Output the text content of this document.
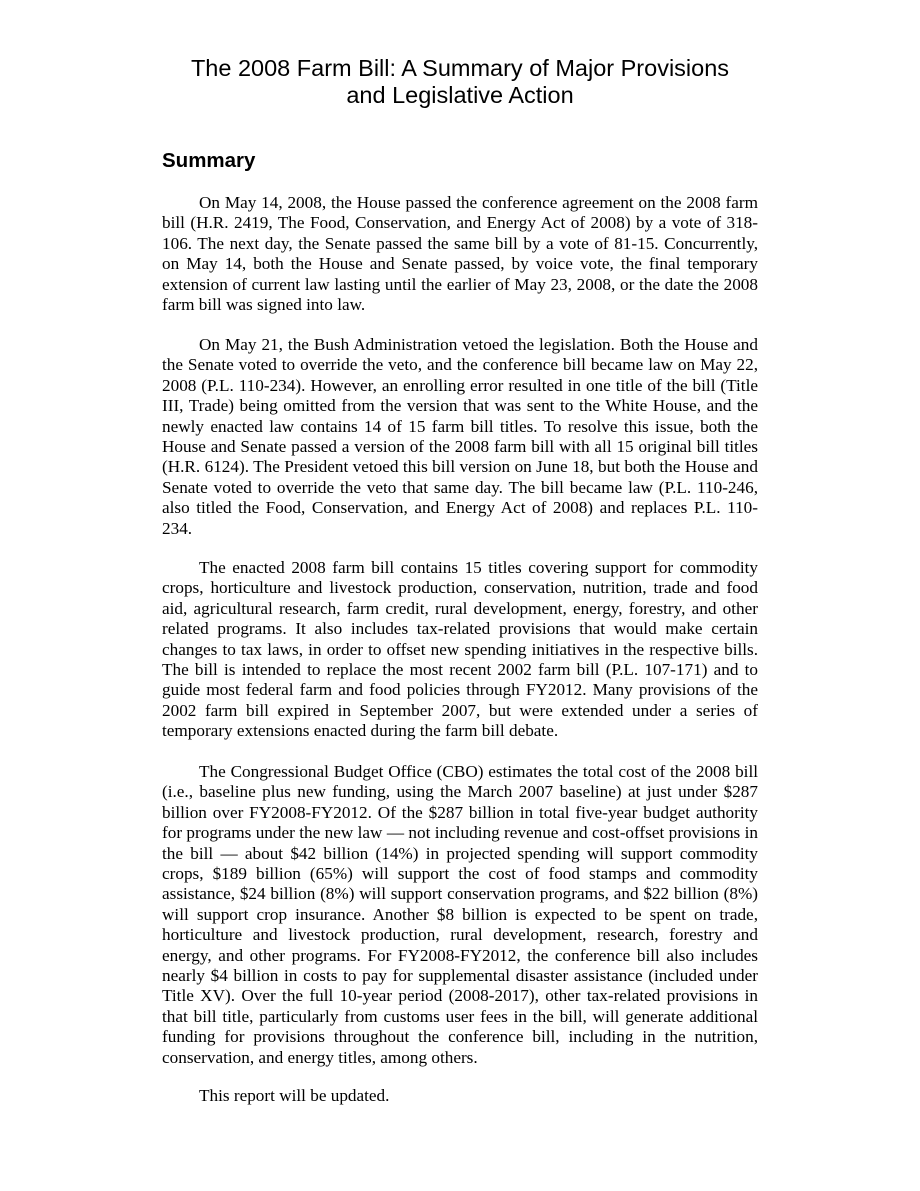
The 2008 Farm Bill: A Summary of Major Provisions
and Legislative Action
Summary

On May 14, 2008, the House passed the conference agreement on the 2008 farm bill (H.R. 2419, The Food, Conservation, and Energy Act of 2008) by a vote of 318-106. The next day, the Senate passed the same bill by a vote of 81-15. Concurrently, on May 14, both the House and Senate passed, by voice vote, the final temporary extension of current law lasting until the earlier of May 23, 2008, or the date the 2008 farm bill was signed into law.

On May 21, the Bush Administration vetoed the legislation. Both the House and the Senate voted to override the veto, and the conference bill became law on May 22, 2008 (P.L. 110-234). However, an enrolling error resulted in one title of the bill (Title III, Trade) being omitted from the version that was sent to the White House, and the newly enacted law contains 14 of 15 farm bill titles. To resolve this issue, both the House and Senate passed a version of the 2008 farm bill with all 15 original bill titles (H.R. 6124). The President vetoed this bill version on June 18, but both the House and Senate voted to override the veto that same day. The bill became law (P.L. 110-246, also titled the Food, Conservation, and Energy Act of 2008) and replaces P.L. 110-234.

The enacted 2008 farm bill contains 15 titles covering support for commodity crops, horticulture and livestock production, conservation, nutrition, trade and food aid, agricultural research, farm credit, rural development, energy, forestry, and other related programs. It also includes tax-related provisions that would make certain changes to tax laws, in order to offset new spending initiatives in the respective bills. The bill is intended to replace the most recent 2002 farm bill (P.L. 107-171) and to guide most federal farm and food policies through FY2012. Many provisions of the 2002 farm bill expired in September 2007, but were extended under a series of temporary extensions enacted during the farm bill debate.

The Congressional Budget Office (CBO) estimates the total cost of the 2008 bill (i.e., baseline plus new funding, using the March 2007 baseline) at just under $287 billion over FY2008-FY2012. Of the $287 billion in total five-year budget authority for programs under the new law — not including revenue and cost-offset provisions in the bill — about $42 billion (14%) in projected spending will support commodity crops, $189 billion (65%) will support the cost of food stamps and commodity assistance, $24 billion (8%) will support conservation programs, and $22 billion (8%) will support crop insurance. Another $8 billion is expected to be spent on trade, horticulture and livestock production, rural development, research, forestry and energy, and other programs. For FY2008-FY2012, the conference bill also includes nearly $4 billion in costs to pay for supplemental disaster assistance (included under Title XV). Over the full 10-year period (2008-2017), other tax-related provisions in that bill title, particularly from customs user fees in the bill, will generate additional funding for provisions throughout the conference bill, including in the nutrition, conservation, and energy titles, among others.

This report will be updated.
